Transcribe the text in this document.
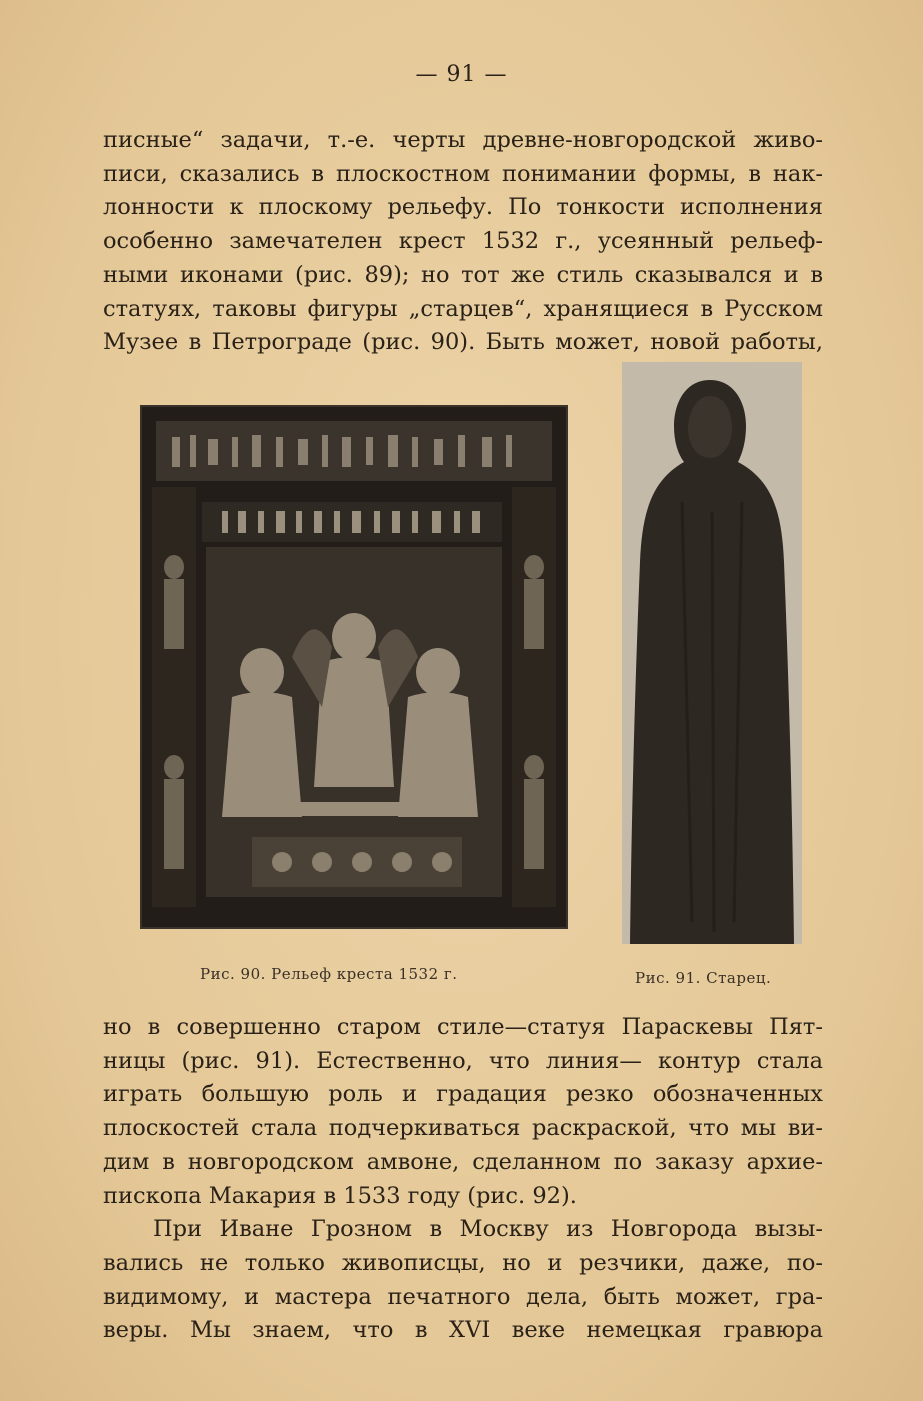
— 91 —
писные“ задачи, т.-е. черты древне-новгородской живо-
писи, сказались в плоскостном понимании формы, в нак-
лонности к плоскому рельефу. По тонкости исполнения
особенно замечателен крест 1532 г., усеянный рельеф-
ными иконами (рис. 89); но тот же стиль сказывался и в
статуях, таковы фигуры „старцев“, хранящиеся в Русском
Музее в Петрограде (рис. 90). Быть может, новой работы,
Рис. 90. Рельеф креста 1532 г.	Рис. 91. Старец.
но в совершенно старом стиле—статуя Параскевы Пят-
ницы (рис. 91). Естественно, что линия— контур стала
играть большую роль и градация резко обозначенных
плоскостей стала подчеркиваться раскраской, что мы ви-
дим в новгородском амвоне, сделанном по заказу архие-
пископа Макария в 1533 году (рис. 92).
При Иване Грозном в Москву из Новгорода вызы-
вались не только живописцы, но и резчики, даже, по-
видимому, и мастера печатного дела, быть может, гра-
веры. Мы знаем, что в XVI веке немецкая гравюра
